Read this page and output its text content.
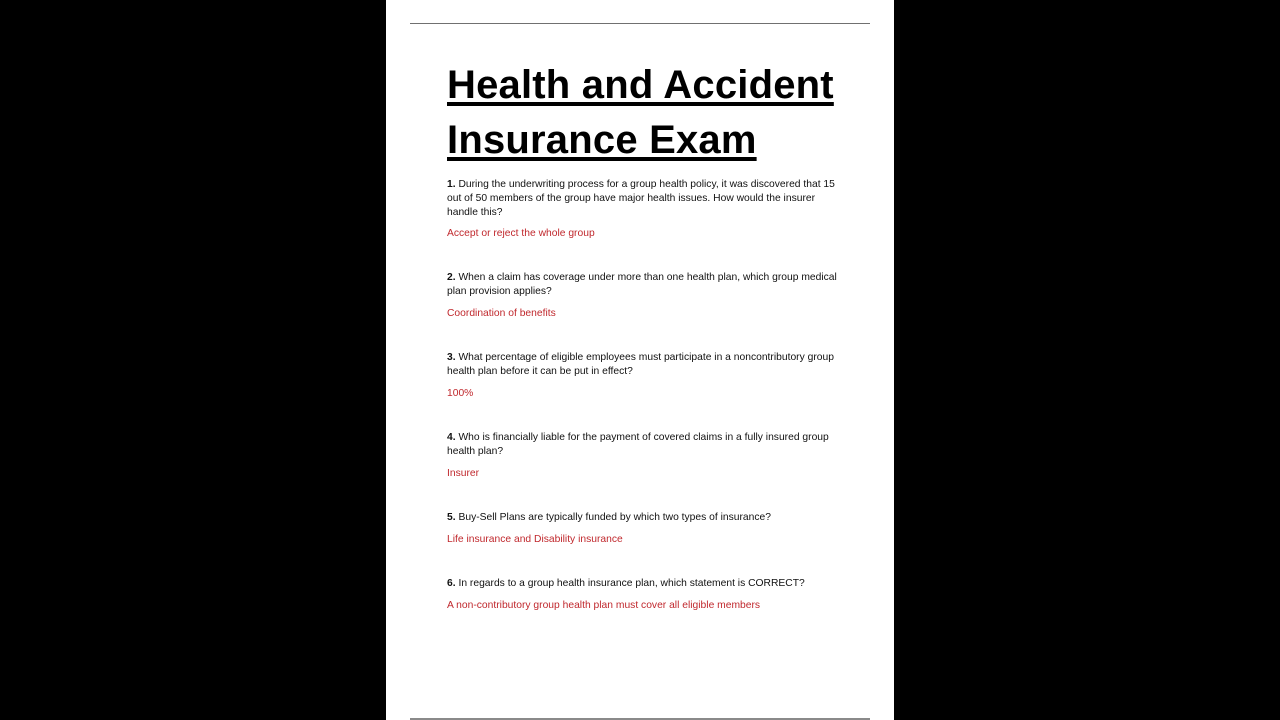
Health and Accident Insurance Exam

1. During the underwriting process for a group health policy, it was discovered that 15 out of 50 members of the group have major health issues. How would the insurer handle this?

Accept or reject the whole group

2. When a claim has coverage under more than one health plan, which group medical plan provision applies?

Coordination of benefits

3. What percentage of eligible employees must participate in a noncontributory group health plan before it can be put in effect?

100%

4. Who is financially liable for the payment of covered claims in a fully insured group health plan?

Insurer

5. Buy-Sell Plans are typically funded by which two types of insurance?

Life insurance and Disability insurance

6. In regards to a group health insurance plan, which statement is CORRECT?

A non-contributory group health plan must cover all eligible members
